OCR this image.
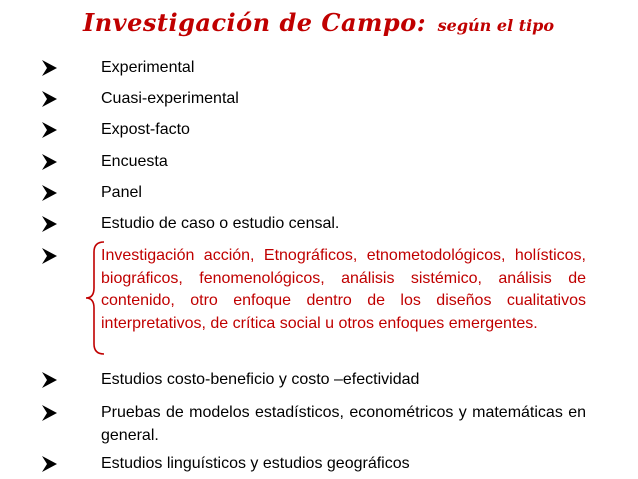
Investigación de Campo: según el tipo
Experimental
Cuasi-experimental
Expost-facto
Encuesta
Panel
Estudio de caso o estudio censal.
Investigación acción, Etnográficos, etnometodológicos, holísticos, biográficos, fenomenológicos, análisis sistémico, análisis de contenido, otro enfoque dentro de los diseños cualitativos interpretativos, de crítica social u otros enfoques emergentes.
Estudios costo-beneficio y costo –efectividad
Pruebas de modelos estadísticos, econométricos y matemáticas en general.
Estudios linguísticos y estudios geográficos
